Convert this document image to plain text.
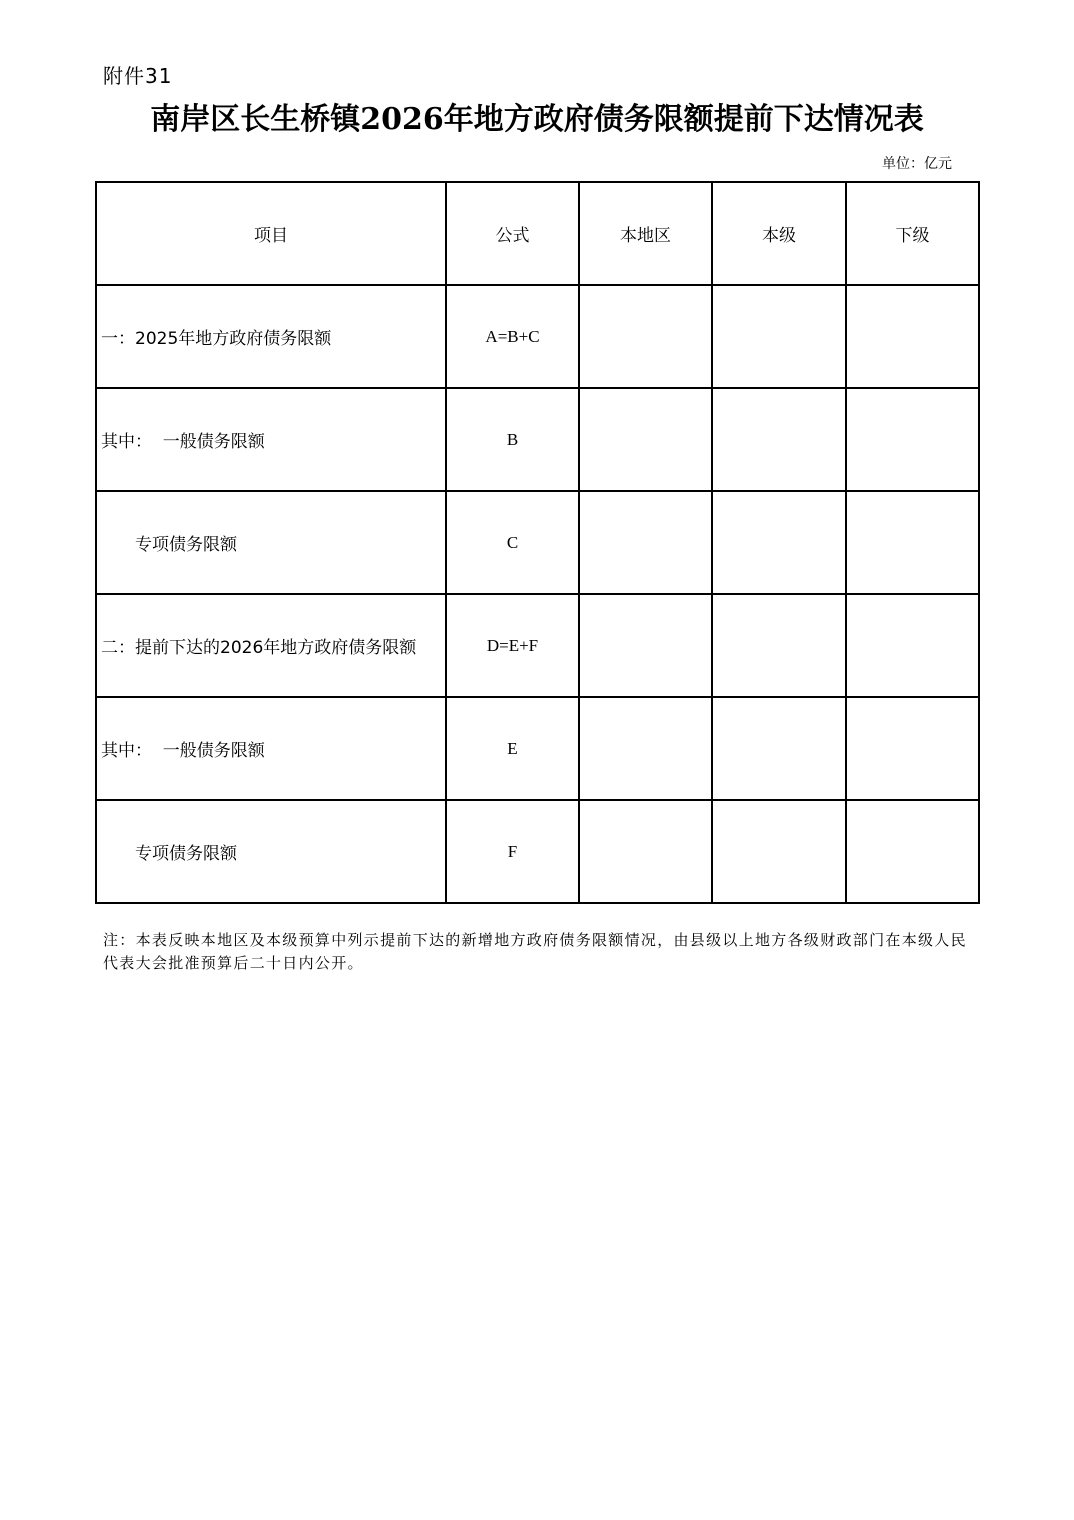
附件31
南岸区长生桥镇2026年地方政府债务限额提前下达情况表
单位：亿元
项目	公式	本地区	本级	下级
一：2025年地方政府债务限额	A=B+C			
其中：  一般债务限额	B			
专项债务限额	C			
二：提前下达的2026年地方政府债务限额	D=E+F			
其中：  一般债务限额	E			
专项债务限额	F			
注：本表反映本地区及本级预算中列示提前下达的新增地方政府债务限额情况，由县级以上地方各级财政部门在本级人民代表大会批准预算后二十日内公开。
